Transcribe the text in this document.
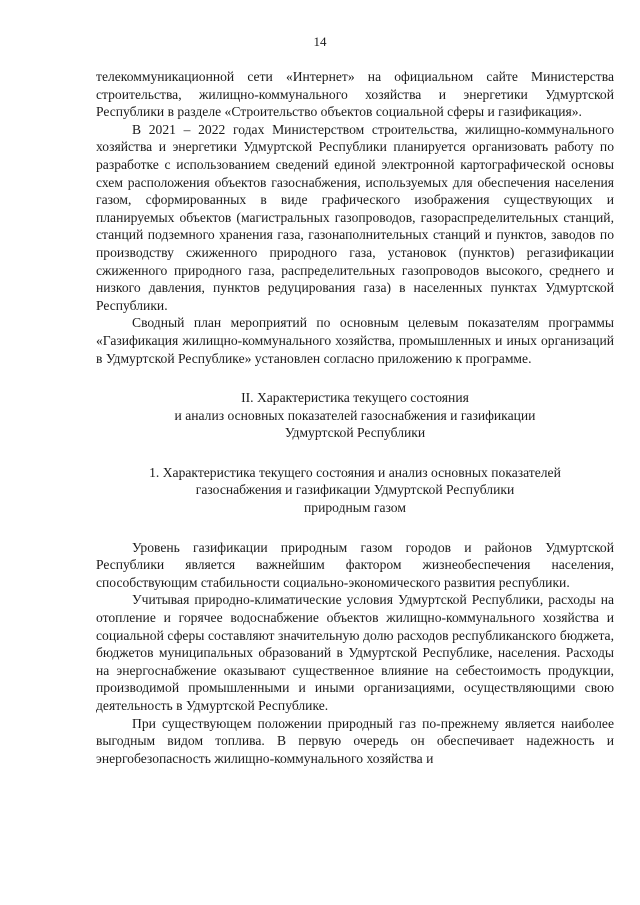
14

телекоммуникационной сети «Интернет» на официальном сайте Министерства строительства, жилищно-коммунального хозяйства и энергетики Удмуртской Республики в разделе «Строительство объектов социальной сферы и газификация».

В 2021 – 2022 годах Министерством строительства, жилищно-коммунального хозяйства и энергетики Удмуртской Республики планируется организовать работу по разработке с использованием сведений единой электронной картографической основы схем расположения объектов газоснабжения, используемых для обеспечения населения газом, сформированных в виде графического изображения существующих и планируемых объектов (магистральных газопроводов, газораспределительных станций, станций подземного хранения газа, газонаполнительных станций и пунктов, заводов по производству сжиженного природного газа, установок (пунктов) регазификации сжиженного природного газа, распределительных газопроводов высокого, среднего и низкого давления, пунктов редуцирования газа) в населенных пунктах Удмуртской Республики.

Сводный план мероприятий по основным целевым показателям программы «Газификация жилищно-коммунального хозяйства, промышленных и иных организаций в Удмуртской Республике» установлен согласно приложению к программе.

II. Характеристика текущего состояния
и анализ основных показателей газоснабжения и газификации
Удмуртской Республики

1. Характеристика текущего состояния и анализ основных показателей
газоснабжения и газификации Удмуртской Республики
природным газом

Уровень газификации природным газом городов и районов Удмуртской Республики является важнейшим фактором жизнеобеспечения населения, способствующим стабильности социально-экономического развития республики.

Учитывая природно-климатические условия Удмуртской Республики, расходы на отопление и горячее водоснабжение объектов жилищно-коммунального хозяйства и социальной сферы составляют значительную долю расходов республиканского бюджета, бюджетов муниципальных образований в Удмуртской Республике, населения. Расходы на энергоснабжение оказывают существенное влияние на себестоимость продукции, производимой промышленными и иными организациями, осуществляющими свою деятельность в Удмуртской Республике.

При существующем положении природный газ по-прежнему является наиболее выгодным видом топлива. В первую очередь он обеспечивает надежность и энергобезопасность жилищно-коммунального хозяйства и
